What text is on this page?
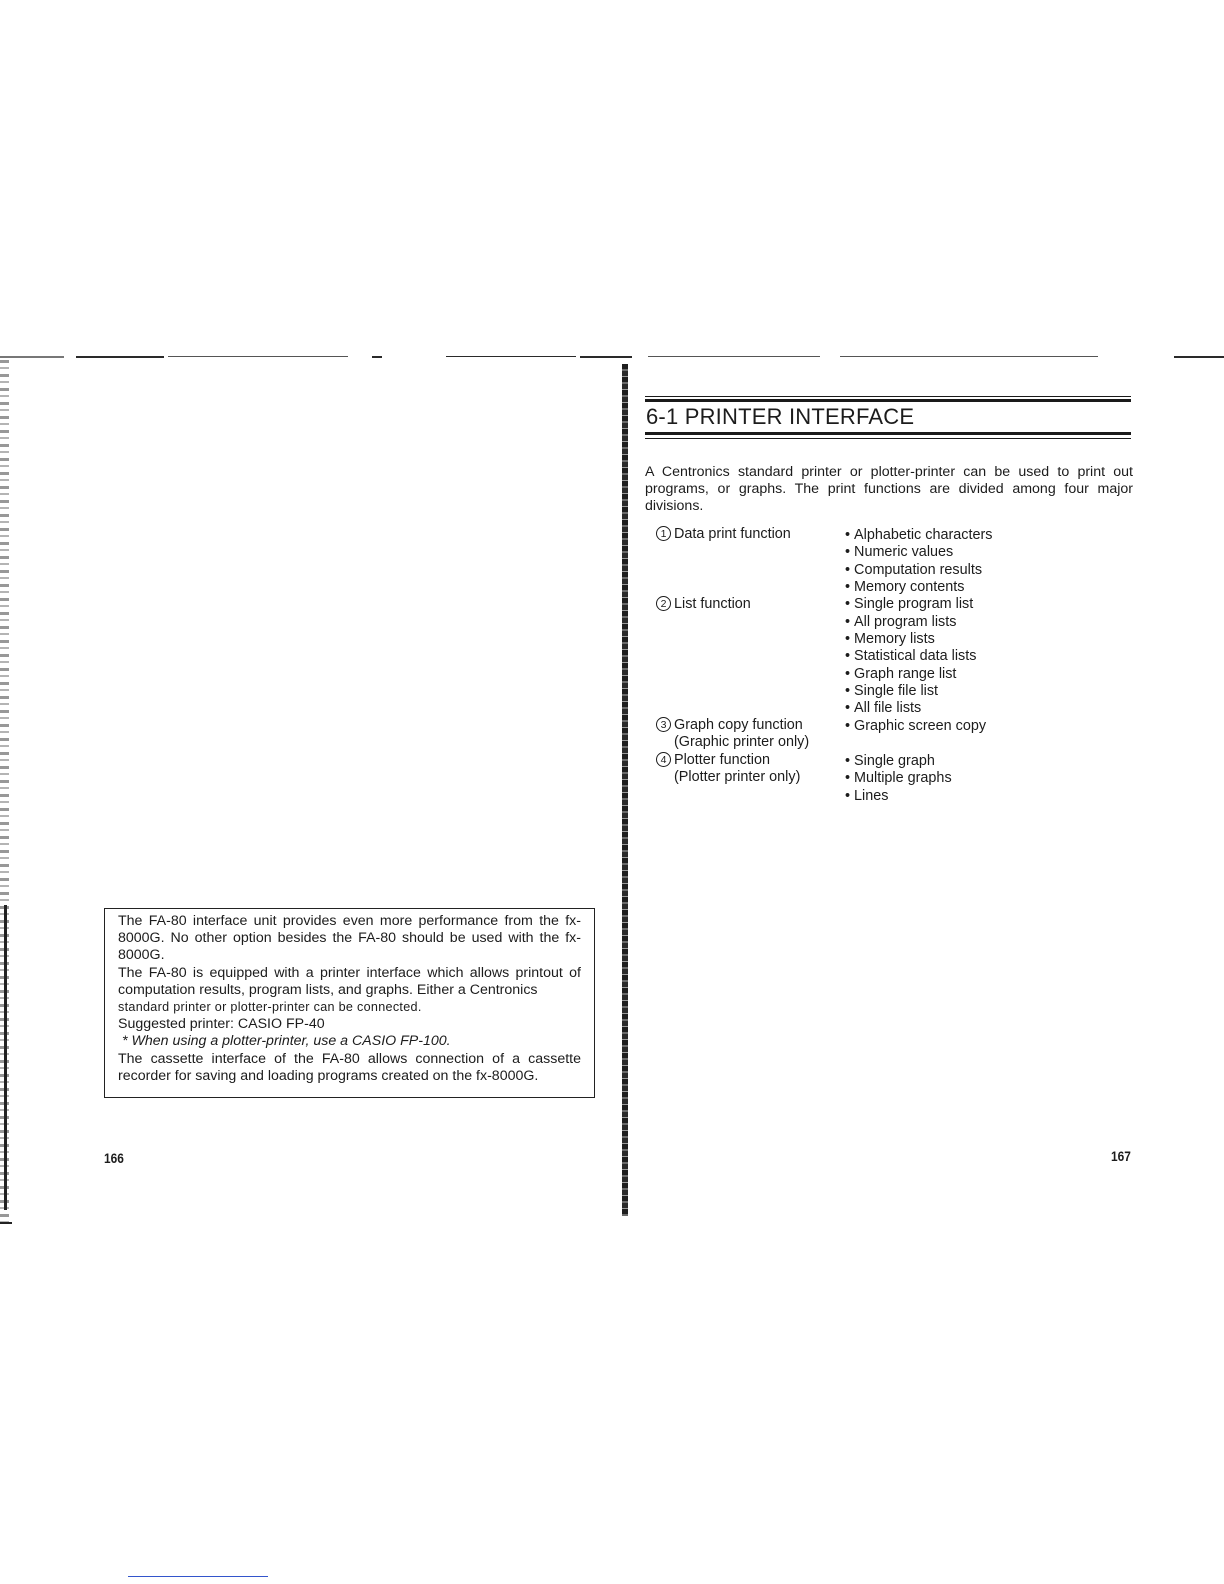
The FA-80 interface unit provides even more performance from the fx-8000G. No other option besides the FA-80 should be used with the fx-8000G.

The FA-80 is equipped with a printer interface which allows printout of computation results, program lists, and graphs. Either a Centronics

standard printer or plotter-printer can be connected.

Suggested printer: CASIO FP-40

* When using a plotter-printer, use a CASIO FP-100.

The cassette interface of the FA-80 allows connection of a cassette recorder for saving and loading programs created on the fx-8000G.

166
6-1 PRINTER INTERFACE
A Centronics standard printer or plotter-printer can be used to print out programs, or graphs. The print functions are divided among four major divisions.
1 Data print function
2 List function
3 Graph copy function
(Graphic printer only)
4 Plotter function
(Plotter printer only)
• Alphabetic characters
• Numeric values
• Computation results
• Memory contents
• Single program list
• All program lists
• Memory lists
• Statistical data lists
• Graph range list
• Single file list
• All file lists
• Graphic screen copy
• Single graph
• Multiple graphs
• Lines
167
